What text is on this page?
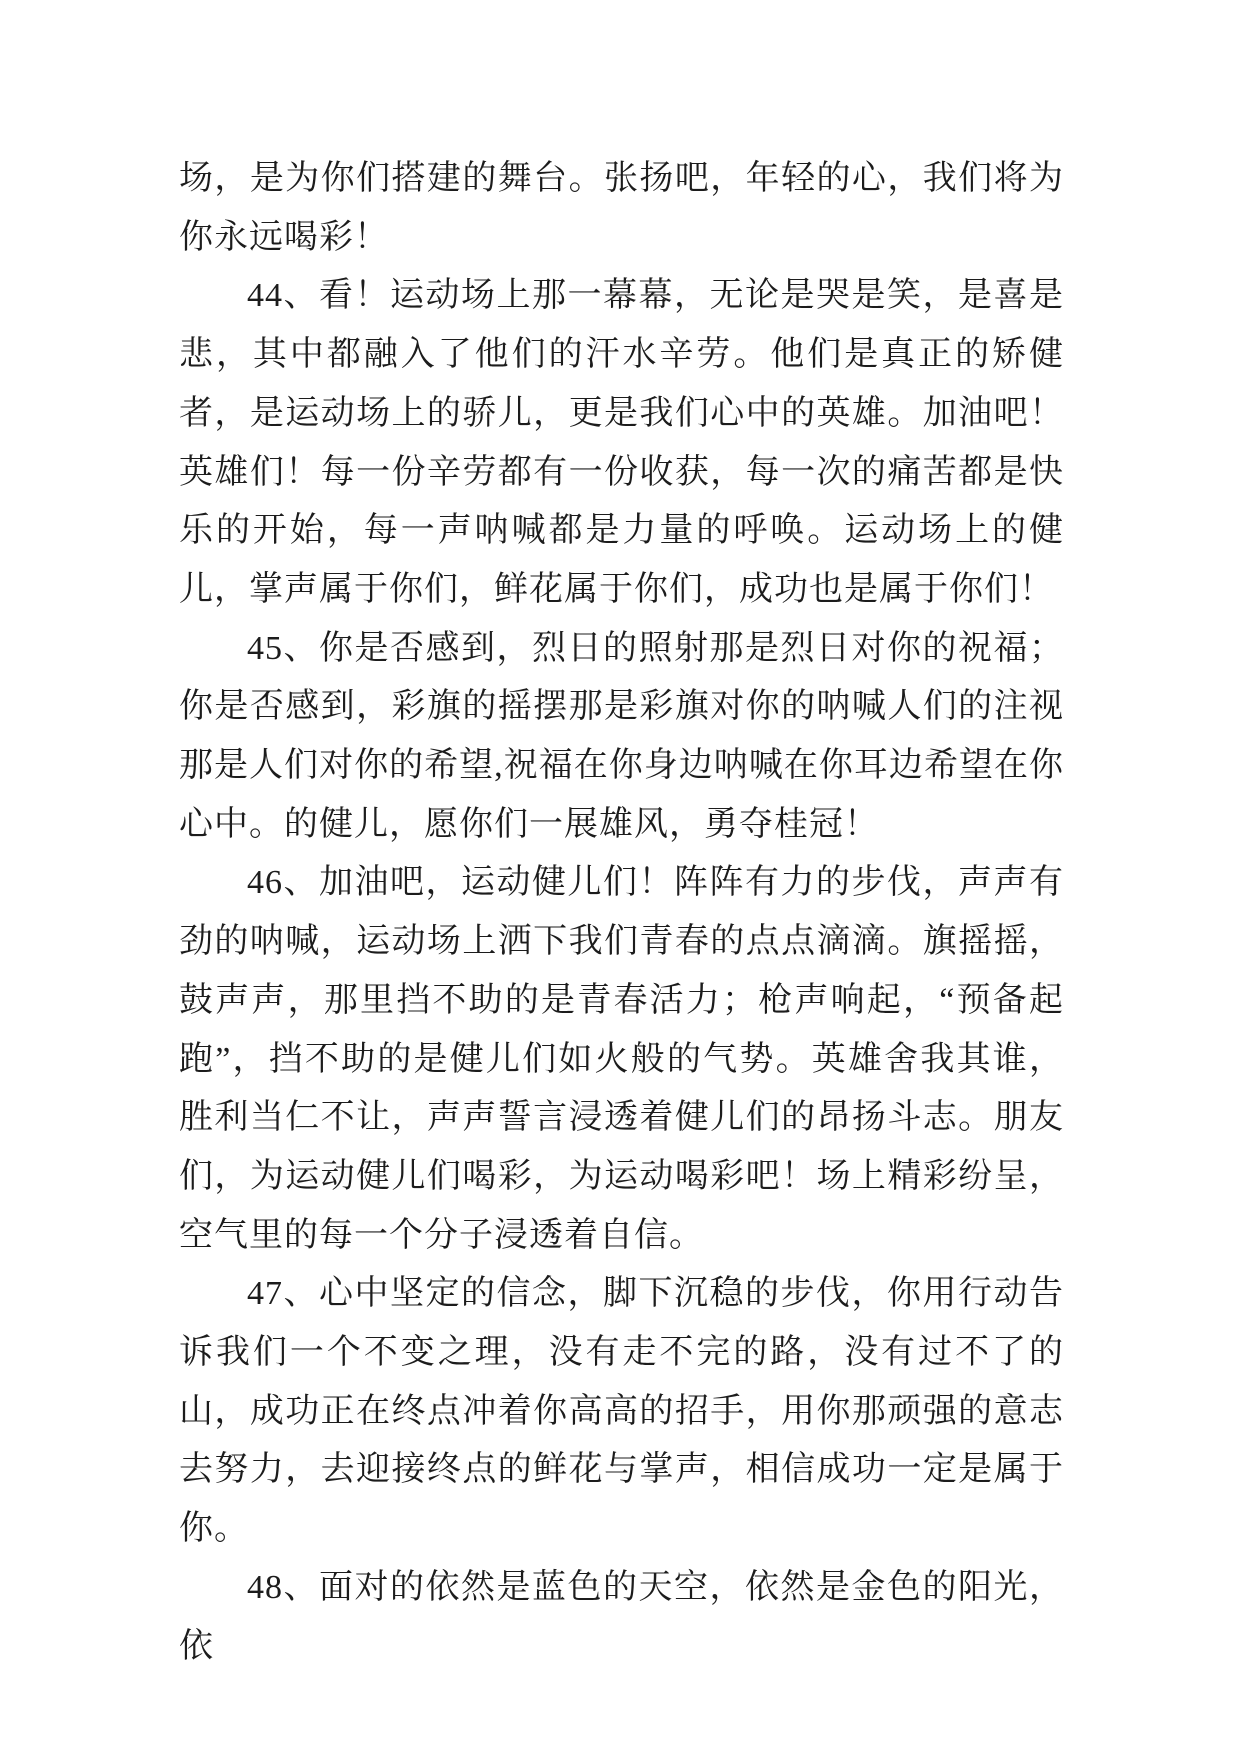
场，是为你们搭建的舞台。张扬吧，年轻的心，我们将为你永远喝彩！

44、看！运动场上那一幕幕，无论是哭是笑，是喜是悲，其中都融入了他们的汗水辛劳。他们是真正的矫健者，是运动场上的骄儿，更是我们心中的英雄。加油吧！英雄们！每一份辛劳都有一份收获，每一次的痛苦都是快乐的开始，每一声呐喊都是力量的呼唤。运动场上的健儿，掌声属于你们，鲜花属于你们，成功也是属于你们！

45、你是否感到，烈日的照射那是烈日对你的祝福；你是否感到，彩旗的摇摆那是彩旗对你的呐喊人们的注视那是人们对你的希望,祝福在你身边呐喊在你耳边希望在你心中。的健儿，愿你们一展雄风，勇夺桂冠！

46、加油吧，运动健儿们！阵阵有力的步伐，声声有劲的呐喊，运动场上洒下我们青春的点点滴滴。旗摇摇，鼓声声，那里挡不助的是青春活力；枪声响起，“预备起跑”，挡不助的是健儿们如火般的气势。英雄舍我其谁，胜利当仁不让，声声誓言浸透着健儿们的昂扬斗志。朋友们，为运动健儿们喝彩，为运动喝彩吧！场上精彩纷呈，空气里的每一个分子浸透着自信。

47、心中坚定的信念，脚下沉稳的步伐，你用行动告诉我们一个不变之理，没有走不完的路，没有过不了的山，成功正在终点冲着你高高的招手，用你那顽强的意志去努力，去迎接终点的鲜花与掌声，相信成功一定是属于你。

48、面对的依然是蓝色的天空，依然是金色的阳光，依
